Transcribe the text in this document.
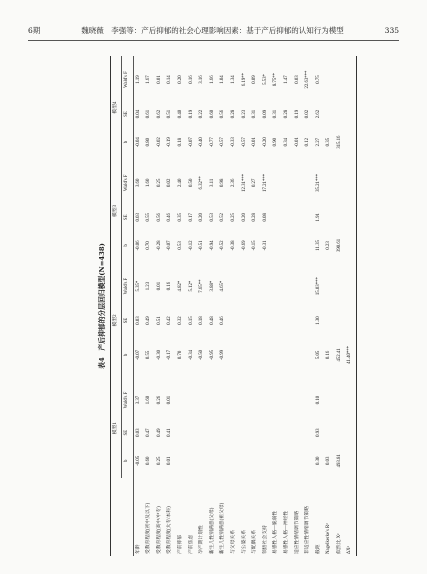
6期	魏晓薇　李强等：产后抑郁的社会心理影响因素：基于产后抑郁的认知行为模型	335
表4　产后抑郁的分层回归模型(N=438)
	模型1			模型2			模型3			模型4		
	b	SE	Wald's F	b	SE	Wald's F	b	SE	Wald's F	b	SE	Wald's F
年龄	-0.05	0.03	3.37	-0.07	0.03	5.35*	-0.06	0.03	3.60	-0.04	0.04	1.19
受教育程度(初中及以下)	0.60	0.47	1.60	0.55	0.49	1.23	0.70	0.55	1.60	0.80	0.61	1.67
受教育程度(高中/中专)	0.25	0.49	0.26	-0.30	0.51	0.01	-0.28	0.56	0.25	-0.02	0.62	0.01
受教育程度(大专/本科)	0.01	0.41	0.01	-0.17	0.42	0.16	-0.07	0.46	0.02	-0.19	0.51	0.14
产前抑郁				0.70	0.32	4.82*	0.53	0.35	2.40	0.18	0.40	0.20
产前焦虑				-0.34	0.15	5.12*	-0.12	0.17	0.50	-0.07	0.19	0.16
孕产期计划性				-0.50	0.18	7.65**	-0.51	0.20	6.32**	-0.40	0.22	3.16
新生儿性别满意(父母)				-0.95	0.48	3.88*	-0.94	0.53	3.11	-0.77	0.60	1.66
新生儿性别满意(祖父母)				-0.99	0.46	4.65*	-0.52	0.52	0.98	-0.57	0.56	1.04
与父母关系							-0.38	0.25	2.36	-0.33	0.28	1.34
与公婆关系							-0.69	0.20	12.31***	-0.57	0.23	6.19**
与配偶关系							-0.15	0.28	0.27	-0.01	0.31	0.09
领悟社会支持							-0.31	0.08	17.21***	-0.20	0.09	5.53*
易感性人格—脆弱性										0.90	0.31	8.75**
易感性人格—神经性										0.34	0.28	1.47
适应性情绪调节策略										-0.01	0.19	0.03
非适应性情绪调节策略										0.12	0.02	22.63***
截距	0.30	0.93	0.10	5.05	1.30	15.03***	11.35	1.91	35.21***	2.27	2.62	0.75
Nagelkerke's R²	0.03			0.16			0.23			0.35		
似然比 X²	493.81			452.41			390.61			315.16		
ΔX²				41.40***								
